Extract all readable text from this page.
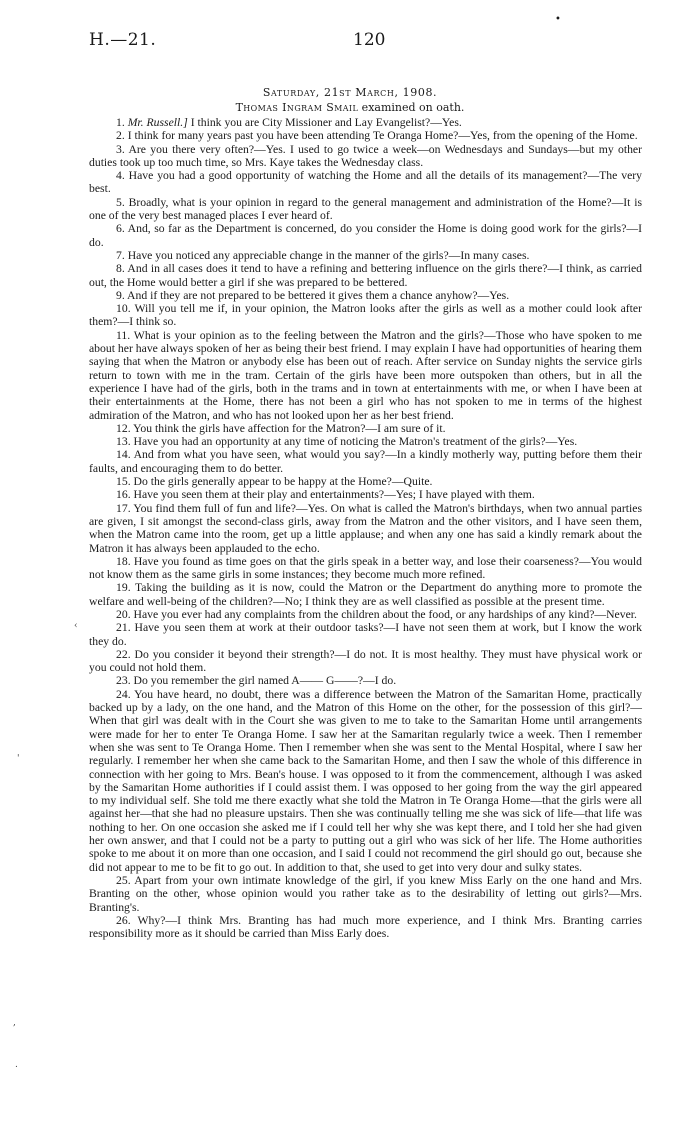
•
H.—21.	120
Saturday, 21st March, 1908.
Thomas Ingram Smail examined on oath.

1. Mr. Russell.] I think you are City Missioner and Lay Evangelist?—Yes.

2. I think for many years past you have been attending Te Oranga Home?—Yes, from the opening of the Home.

3. Are you there very often?—Yes. I used to go twice a week—on Wednesdays and Sundays—but my other duties took up too much time, so Mrs. Kaye takes the Wednesday class.

4. Have you had a good opportunity of watching the Home and all the details of its management?—The very best.

5. Broadly, what is your opinion in regard to the general management and administration of the Home?—It is one of the very best managed places I ever heard of.

6. And, so far as the Department is concerned, do you consider the Home is doing good work for the girls?—I do.

7. Have you noticed any appreciable change in the manner of the girls?—In many cases.

8. And in all cases does it tend to have a refining and bettering influence on the girls there?—I think, as carried out, the Home would better a girl if she was prepared to be bettered.

9. And if they are not prepared to be bettered it gives them a chance anyhow?—Yes.

10. Will you tell me if, in your opinion, the Matron looks after the girls as well as a mother could look after them?—I think so.

11. What is your opinion as to the feeling between the Matron and the girls?—Those who have spoken to me about her have always spoken of her as being their best friend. I may explain I have had opportunities of hearing them saying that when the Matron or anybody else has been out of reach. After service on Sunday nights the service girls return to town with me in the tram. Certain of the girls have been more outspoken than others, but in all the experience I have had of the girls, both in the trams and in town at entertainments with me, or when I have been at their entertainments at the Home, there has not been a girl who has not spoken to me in terms of the highest admiration of the Matron, and who has not looked upon her as her best friend.

12. You think the girls have affection for the Matron?—I am sure of it.

13. Have you had an opportunity at any time of noticing the Matron's treatment of the girls?—Yes.

14. And from what you have seen, what would you say?—In a kindly motherly way, putting before them their faults, and encouraging them to do better.

15. Do the girls generally appear to be happy at the Home?—Quite.

16. Have you seen them at their play and entertainments?—Yes; I have played with them.

17. You find them full of fun and life?—Yes. On what is called the Matron's birthdays, when two annual parties are given, I sit amongst the second-class girls, away from the Matron and the other visitors, and I have seen them, when the Matron came into the room, get up a little applause; and when any one has said a kindly remark about the Matron it has always been applauded to the echo.

18. Have you found as time goes on that the girls speak in a better way, and lose their coarseness?—You would not know them as the same girls in some instances; they become much more refined.

19. Taking the building as it is now, could the Matron or the Department do anything more to promote the welfare and well-being of the children?—No; I think they are as well classified as possible at the present time.

20. Have you ever had any complaints from the children about the food, or any hardships of any kind?—Never.

21. Have you seen them at work at their outdoor tasks?—I have not seen them at work, but I know the work they do.

22. Do you consider it beyond their strength?—I do not. It is most healthy. They must have physical work or you could not hold them.

23. Do you remember the girl named A—— G——?—I do.

24. You have heard, no doubt, there was a difference between the Matron of the Samaritan Home, practically backed up by a lady, on the one hand, and the Matron of this Home on the other, for the possession of this girl?—When that girl was dealt with in the Court she was given to me to take to the Samaritan Home until arrangements were made for her to enter Te Oranga Home. I saw her at the Samaritan regularly twice a week. Then I remember when she was sent to Te Oranga Home. Then I remember when she was sent to the Mental Hospital, where I saw her regularly. I remember her when she came back to the Samaritan Home, and then I saw the whole of this difference in connection with her going to Mrs. Bean's house. I was opposed to it from the commencement, although I was asked by the Samaritan Home authorities if I could assist them. I was opposed to her going from the way the girl appeared to my individual self. She told me there exactly what she told the Matron in Te Oranga Home—that the girls were all against her—that she had no pleasure upstairs. Then she was continually telling me she was sick of life—that life was nothing to her. On one occasion she asked me if I could tell her why she was kept there, and I told her she had given her own answer, and that I could not be a party to putting out a girl who was sick of her life. The Home authorities spoke to me about it on more than one occasion, and I said I could not recommend the girl should go out, because she did not appear to me to be fit to go out. In addition to that, she used to get into very dour and sulky states.

25. Apart from your own intimate knowledge of the girl, if you knew Miss Early on the one hand and Mrs. Branting on the other, whose opinion would you rather take as to the desirability of letting out girls?—Mrs. Branting's.

26. Why?—I think Mrs. Branting has had much more experience, and I think Mrs. Branting carries responsibility more as it should be carried than Miss Early does.

‹
'
,
.
